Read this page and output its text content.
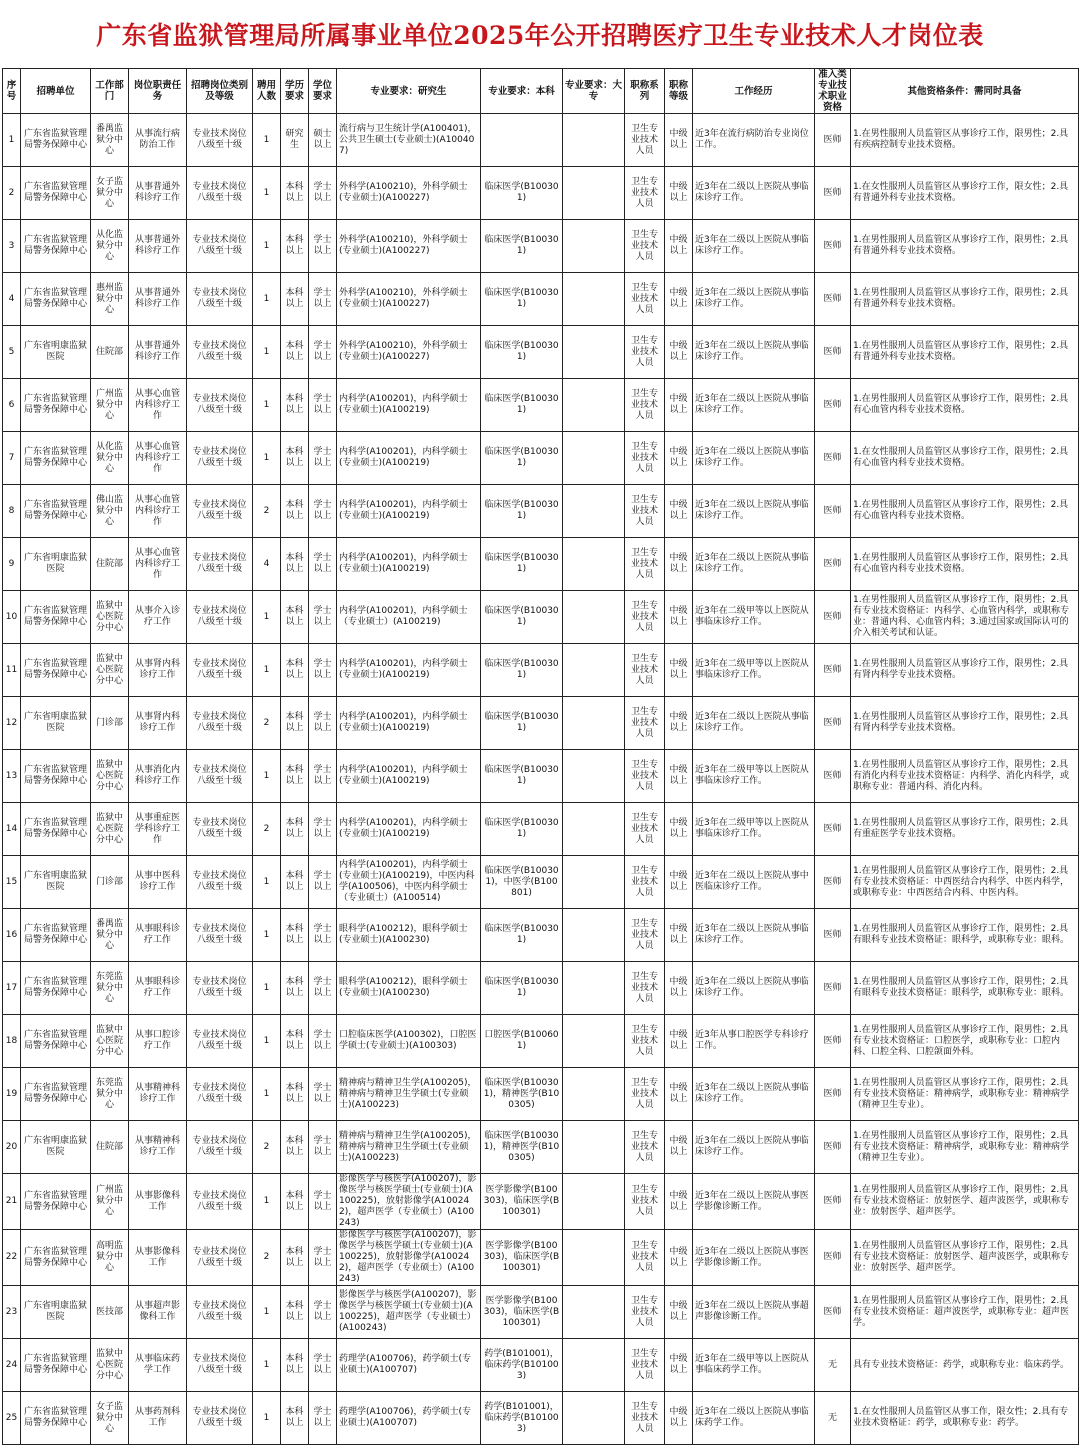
广东省监狱管理局所属事业单位2025年公开招聘医疗卫生专业技术人才岗位表
序号	招聘单位	工作部门	岗位职责任务	招聘岗位类别及等级	聘用人数	学历要求	学位要求	专业要求：研究生	专业要求：本科	专业要求：大专	职称系列	职称等级	工作经历	准入类专业技术职业资格	其他资格条件：需同时具备
1	广东省监狱管理局警务保障中心	番禺监狱分中心	从事流行病防治工作	专业技术岗位八级至十级	1	研究生	硕士以上	流行病与卫生统计学(A100401)，公共卫生硕士(专业硕士)(A100407)			卫生专业技术人员	中级以上	近3年在流行病防治专业岗位工作。	医师	1.在男性服刑人员监管区从事诊疗工作，限男性；2.具有疾病控制专业技术资格。
2	广东省监狱管理局警务保障中心	女子监狱分中心	从事普通外科诊疗工作	专业技术岗位八级至十级	1	本科以上	学士以上	外科学(A100210)，外科学硕士(专业硕士)(A100227)	临床医学(B100301)		卫生专业技术人员	中级以上	近3年在二级以上医院从事临床诊疗工作。	医师	1.在女性服刑人员监管区从事诊疗工作，限女性；2.具有普通外科专业技术资格。
3	广东省监狱管理局警务保障中心	从化监狱分中心	从事普通外科诊疗工作	专业技术岗位八级至十级	1	本科以上	学士以上	外科学(A100210)，外科学硕士(专业硕士)(A100227)	临床医学(B100301)		卫生专业技术人员	中级以上	近3年在二级以上医院从事临床诊疗工作。	医师	1.在男性服刑人员监管区从事诊疗工作，限男性；2.具有普通外科专业技术资格。
4	广东省监狱管理局警务保障中心	惠州监狱分中心	从事普通外科诊疗工作	专业技术岗位八级至十级	1	本科以上	学士以上	外科学(A100210)，外科学硕士(专业硕士)(A100227)	临床医学(B100301)		卫生专业技术人员	中级以上	近3年在二级以上医院从事临床诊疗工作。	医师	1.在男性服刑人员监管区从事诊疗工作，限男性；2.具有普通外科专业技术资格。
5	广东省明康监狱医院	住院部	从事普通外科诊疗工作	专业技术岗位八级至十级	1	本科以上	学士以上	外科学(A100210)，外科学硕士(专业硕士)(A100227)	临床医学(B100301)		卫生专业技术人员	中级以上	近3年在二级以上医院从事临床诊疗工作。	医师	1.在男性服刑人员监管区从事诊疗工作，限男性；2.具有普通外科专业技术资格。
6	广东省监狱管理局警务保障中心	广州监狱分中心	从事心血管内科诊疗工作	专业技术岗位八级至十级	1	本科以上	学士以上	内科学(A100201)，内科学硕士(专业硕士)(A100219)	临床医学(B100301)		卫生专业技术人员	中级以上	近3年在二级以上医院从事临床诊疗工作。	医师	1.在男性服刑人员监管区从事诊疗工作，限男性；2.具有心血管内科专业技术资格。
7	广东省监狱管理局警务保障中心	从化监狱分中心	从事心血管内科诊疗工作	专业技术岗位八级至十级	1	本科以上	学士以上	内科学(A100201)，内科学硕士(专业硕士)(A100219)	临床医学(B100301)		卫生专业技术人员	中级以上	近3年在二级以上医院从事临床诊疗工作。	医师	1.在女性服刑人员监管区从事诊疗工作，限男性；2.具有心血管内科专业技术资格。
8	广东省监狱管理局警务保障中心	佛山监狱分中心	从事心血管内科诊疗工作	专业技术岗位八级至十级	2	本科以上	学士以上	内科学(A100201)，内科学硕士(专业硕士)(A100219)	临床医学(B100301)		卫生专业技术人员	中级以上	近3年在二级以上医院从事临床诊疗工作。	医师	1.在男性服刑人员监管区从事诊疗工作，限男性；2.具有心血管内科专业技术资格。
9	广东省明康监狱医院	住院部	从事心血管内科诊疗工作	专业技术岗位八级至十级	4	本科以上	学士以上	内科学(A100201)，内科学硕士(专业硕士)(A100219)	临床医学(B100301)		卫生专业技术人员	中级以上	近3年在二级以上医院从事临床诊疗工作。	医师	1.在男性服刑人员监管区从事诊疗工作，限男性；2.具有心血管内科专业技术资格。
10	广东省监狱管理局警务保障中心	监狱中心医院分中心	从事介入诊疗工作	专业技术岗位八级至十级	1	本科以上	学士以上	内科学(A100201)，内科学硕士（专业硕士）(A100219)	临床医学(B100301)		卫生专业技术人员	中级以上	近3年在二级甲等以上医院从事临床诊疗工作。	医师	1.在男性服刑人员监管区从事诊疗工作，限男性；2.具有专业技术资格证：内科学、心血管内科学，或职称专业：普通内科、心血管内科；3.通过国家或国际认可的介入相关考试和认证。
11	广东省监狱管理局警务保障中心	监狱中心医院分中心	从事肾内科诊疗工作	专业技术岗位八级至十级	1	本科以上	学士以上	内科学(A100201)，内科学硕士(专业硕士)(A100219)	临床医学(B100301)		卫生专业技术人员	中级以上	近3年在二级甲等以上医院从事临床诊疗工作。	医师	1.在男性服刑人员监管区从事诊疗工作，限男性；2.具有肾内科学专业技术资格。
12	广东省明康监狱医院	门诊部	从事肾内科诊疗工作	专业技术岗位八级至十级	2	本科以上	学士以上	内科学(A100201)，内科学硕士(专业硕士)(A100219)	临床医学(B100301)		卫生专业技术人员	中级以上	近3年在二级以上医院从事临床诊疗工作。	医师	1.在男性服刑人员监管区从事诊疗工作，限男性；2.具有肾内科学专业技术资格。
13	广东省监狱管理局警务保障中心	监狱中心医院分中心	从事消化内科诊疗工作	专业技术岗位八级至十级	1	本科以上	学士以上	内科学(A100201)，内科学硕士(专业硕士)(A100219)	临床医学(B100301)		卫生专业技术人员	中级以上	近3年在二级甲等以上医院从事临床诊疗工作。	医师	1.在男性服刑人员监管区从事诊疗工作，限男性；2.具有消化内科专业技术资格证：内科学、消化内科学，或职称专业：普通内科、消化内科。
14	广东省监狱管理局警务保障中心	监狱中心医院分中心	从事重症医学科诊疗工作	专业技术岗位八级至十级	2	本科以上	学士以上	内科学(A100201)，内科学硕士(专业硕士)(A100219)	临床医学(B100301)		卫生专业技术人员	中级以上	近3年在二级甲等以上医院从事临床诊疗工作。	医师	1.在男性服刑人员监管区从事诊疗工作，限男性；2.具有重症医学专业技术资格。
15	广东省明康监狱医院	门诊部	从事中医科诊疗工作	专业技术岗位八级至十级	1	本科以上	学士以上	内科学(A100201)，内科学硕士(专业硕士)(A100219)，中医内科学(A100506)，中医内科学硕士（专业硕士）(A100514)	临床医学(B100301)，中医学(B100801)		卫生专业技术人员	中级以上	近3年在二级以上医院从事中医临床诊疗工作。	医师	1.在男性服刑人员监管区从事诊疗工作，限男性；2.具有专业技术资格证：中西医结合内科学、中医内科学，或职称专业：中西医结合内科、中医内科。
16	广东省监狱管理局警务保障中心	番禺监狱分中心	从事眼科诊疗工作	专业技术岗位八级至十级	1	本科以上	学士以上	眼科学(A100212)，眼科学硕士(专业硕士)(A100230)	临床医学(B100301)		卫生专业技术人员	中级以上	近3年在二级以上医院从事临床诊疗工作。	医师	1.在男性服刑人员监管区从事诊疗工作，限男性；2.具有眼科专业技术资格证：眼科学，或职称专业：眼科。
17	广东省监狱管理局警务保障中心	东莞监狱分中心	从事眼科诊疗工作	专业技术岗位八级至十级	1	本科以上	学士以上	眼科学(A100212)，眼科学硕士(专业硕士)(A100230)	临床医学(B100301)		卫生专业技术人员	中级以上	近3年在二级以上医院从事临床诊疗工作。	医师	1.在男性服刑人员监管区从事诊疗工作，限男性；2.具有眼科专业技术资格证：眼科学，或职称专业：眼科。
18	广东省监狱管理局警务保障中心	监狱中心医院分中心	从事口腔诊疗工作	专业技术岗位八级至十级	1	本科以上	学士以上	口腔临床医学(A100302)，口腔医学硕士(专业硕士)(A100303)	口腔医学(B100601)		卫生专业技术人员	中级以上	近3年从事口腔医学专科诊疗工作。	医师	1.在男性服刑人员监管区从事诊疗工作，限男性；2.具有专业技术资格证：口腔医学，或职称专业：口腔内科、口腔全科、口腔颌面外科。
19	广东省监狱管理局警务保障中心	东莞监狱分中心	从事精神科诊疗工作	专业技术岗位八级至十级	1	本科以上	学士以上	精神病与精神卫生学(A100205)，精神病与精神卫生学硕士(专业硕士)(A100223)	临床医学(B100301)，精神医学(B100305)		卫生专业技术人员	中级以上	近3年在二级以上医院从事临床诊疗工作。	医师	1.在男性服刑人员监管区从事诊疗工作，限男性；2.具有专业技术资格证：精神病学，或职称专业：精神病学（精神卫生专业）。
20	广东省明康监狱医院	住院部	从事精神科诊疗工作	专业技术岗位八级至十级	2	本科以上	学士以上	精神病与精神卫生学(A100205)，精神病与精神卫生学硕士(专业硕士)(A100223)	临床医学(B100301)，精神医学(B100305)		卫生专业技术人员	中级以上	近3年在二级以上医院从事临床诊疗工作。	医师	1.在男性服刑人员监管区从事诊疗工作，限男性；2.具有专业技术资格证：精神病学，或职称专业：精神病学（精神卫生专业）。
21	广东省监狱管理局警务保障中心	广州监狱分中心	从事影像科工作	专业技术岗位八级至十级	1	本科以上	学士以上	影像医学与核医学(A100207)，影像医学与核医学硕士(专业硕士)(A100225)，放射影像学(A100242)，超声医学（专业硕士）(A100243)	医学影像学(B100303)，临床医学(B100301)		卫生专业技术人员	中级以上	近3年在二级以上医院从事医学影像诊断工作。	医师	1.在男性服刑人员监管区从事诊疗工作，限男性；2.具有专业技术资格证：放射医学、超声波医学，或职称专业：放射医学、超声医学。
22	广东省监狱管理局警务保障中心	高明监狱分中心	从事影像科工作	专业技术岗位八级至十级	2	本科以上	学士以上	影像医学与核医学(A100207)，影像医学与核医学硕士(专业硕士)(A100225)，放射影像学(A100242)，超声医学（专业硕士）(A100243)	医学影像学(B100303)，临床医学(B100301)		卫生专业技术人员	中级以上	近3年在二级以上医院从事医学影像诊断工作。	医师	1.在男性服刑人员监管区从事诊疗工作，限男性；2.具有专业技术资格证：放射医学、超声波医学，或职称专业：放射医学、超声医学。
23	广东省明康监狱医院	医技部	从事超声影像科工作	专业技术岗位八级至十级	1	本科以上	学士以上	影像医学与核医学(A100207)，影像医学与核医学硕士(专业硕士)(A100225)，超声医学（专业硕士）(A100243)	医学影像学(B100303)，临床医学(B100301)		卫生专业技术人员	中级以上	近3年在二级以上医院从事超声影像诊断工作。	医师	1.在男性服刑人员监管区从事诊疗工作，限男性；2.具有专业技术资格证：超声波医学，或职称专业：超声医学。
24	广东省监狱管理局警务保障中心	监狱中心医院分中心	从事临床药学工作	专业技术岗位八级至十级	1	本科以上	学士以上	药理学(A100706)，药学硕士(专业硕士)(A100707)	药学(B101001)，临床药学(B101003)		卫生专业技术人员	中级以上	近3年在二级甲等以上医院从事临床药学工作。	无	具有专业技术资格证：药学，或职称专业：临床药学。
25	广东省监狱管理局警务保障中心	女子监狱分中心	从事药剂科工作	专业技术岗位八级至十级	1	本科以上	学士以上	药理学(A100706)，药学硕士(专业硕士)(A100707)	药学(B101001)，临床药学(B101003)		卫生专业技术人员	中级以上	近3年在二级以上医院从事临床药学工作。	无	1.在女性服刑人员监管区从事工作，限女性；2.具有专业技术资格证：药学，或职称专业：药学。
